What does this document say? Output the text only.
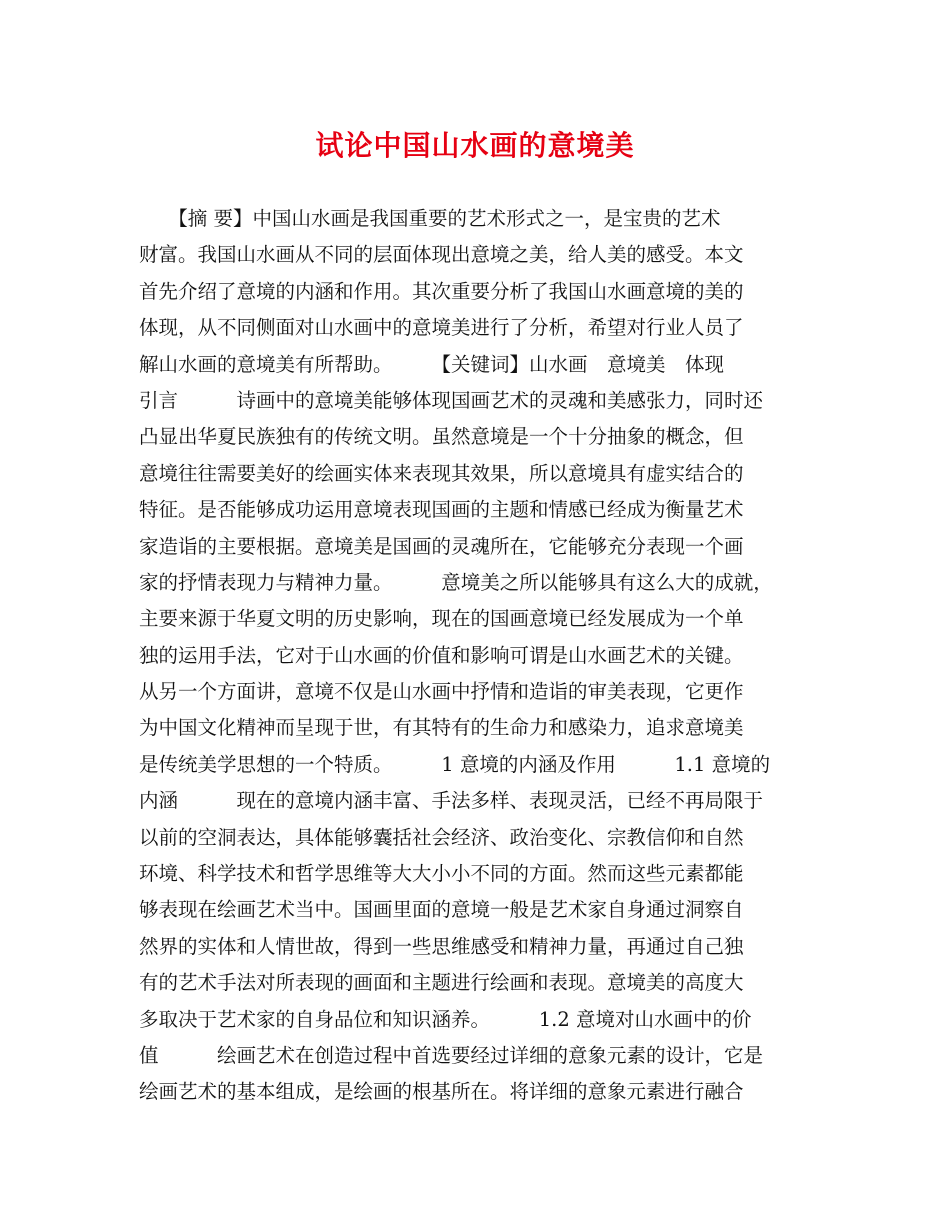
试论中国山水画的意境美
　　【摘 要】中国山水画是我国重要的艺术形式之一，是宝贵的艺术
财富。我国山水画从不同的层面体现出意境之美，给人美的感受。本文
首先介绍了意境的内涵和作用。其次重要分析了我国山水画意境的美的
体现，从不同侧面对山水画中的意境美进行了分析，希望对行业人员了
解山水画的意境美有所帮助。　　　【关键词】山水画　意境美　体现
引言　　　诗画中的意境美能够体现国画艺术的灵魂和美感张力，同时还
凸显出华夏民族独有的传统文明。虽然意境是一个十分抽象的概念，但
意境往往需要美好的绘画实体来表现其效果，所以意境具有虚实结合的
特征。是否能够成功运用意境表现国画的主题和情感已经成为衡量艺术
家造诣的主要根据。意境美是国画的灵魂所在，它能够充分表现一个画
家的抒情表现力与精神力量。　　　意境美之所以能够具有这么大的成就，
主要来源于华夏文明的历史影响，现在的国画意境已经发展成为一个单
独的运用手法，它对于山水画的价值和影响可谓是山水画艺术的关键。
从另一个方面讲，意境不仅是山水画中抒情和造诣的审美表现，它更作
为中国文化精神而呈现于世，有其特有的生命力和感染力，追求意境美
是传统美学思想的一个特质。　　　1 意境的内涵及作用　　　1.1 意境的
内涵　　　现在的意境内涵丰富、手法多样、表现灵活，已经不再局限于
以前的空洞表达，具体能够囊括社会经济、政治变化、宗教信仰和自然
环境、科学技术和哲学思维等大大小小不同的方面。然而这些元素都能
够表现在绘画艺术当中。国画里面的意境一般是艺术家自身通过洞察自
然界的实体和人情世故，得到一些思维感受和精神力量，再通过自己独
有的艺术手法对所表现的画面和主题进行绘画和表现。意境美的高度大
多取决于艺术家的自身品位和知识涵养。　　　1.2 意境对山水画中的价
值　　　绘画艺术在创造过程中首选要经过详细的意象元素的设计，它是
绘画艺术的基本组成，是绘画的根基所在。将详细的意象元素进行融合
